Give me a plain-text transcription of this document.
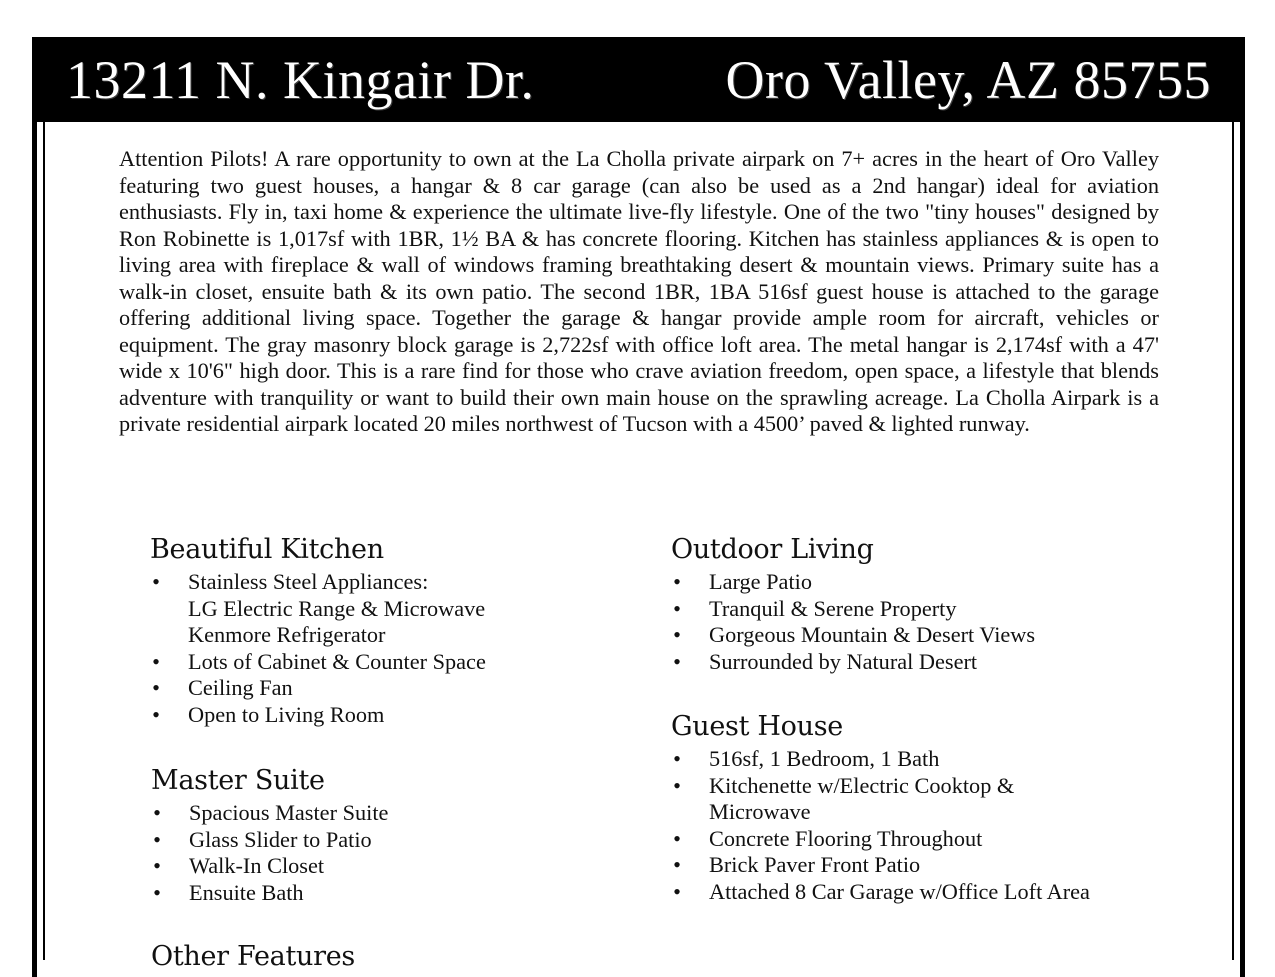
13211 N. Kingair Dr.	Oro Valley, AZ 85755

Attention Pilots! A rare opportunity to own at the La Cholla private airpark on 7+ acres in the heart of Oro Valley featuring two guest houses, a hangar & 8 car garage (can also be used as a 2nd hangar) ideal for aviation enthusiasts. Fly in, taxi home & experience the ultimate live-fly lifestyle. One of the two "tiny houses" designed by Ron Robinette is 1,017sf with 1BR, 1½ BA & has concrete flooring. Kitchen has stainless appliances & is open to living area with fireplace & wall of windows framing breathtaking desert & mountain views. Primary suite has a walk-in closet, ensuite bath & its own patio. The second 1BR, 1BA 516sf guest house is attached to the garage offering additional living space. Together the garage & hangar provide ample room for aircraft, vehicles or equipment. The gray masonry block garage is 2,722sf with office loft area. The metal hangar is 2,174sf with a 47' wide x 10'6" high door. This is a rare find for those who crave aviation freedom, open space, a lifestyle that blends adventure with tranquility or want to build their own main house on the sprawling acreage. La Cholla Airpark is a private residential airpark located 20 miles northwest of Tucson with a 4500’ paved & lighted runway.

Beautiful Kitchen
• Stainless Steel Appliances:
LG Electric Range & Microwave
Kenmore Refrigerator
• Lots of Cabinet & Counter Space
• Ceiling Fan
• Open to Living Room
Master Suite
• Spacious Master Suite
• Glass Slider to Patio
• Walk-In Closet
• Ensuite Bath
Other Features
Outdoor Living
• Large Patio
• Tranquil & Serene Property
• Gorgeous Mountain & Desert Views
• Surrounded by Natural Desert
Guest House
• 516sf, 1 Bedroom, 1 Bath
• Kitchenette w/Electric Cooktop & Microwave
• Concrete Flooring Throughout
• Brick Paver Front Patio
• Attached 8 Car Garage w/Office Loft Area
